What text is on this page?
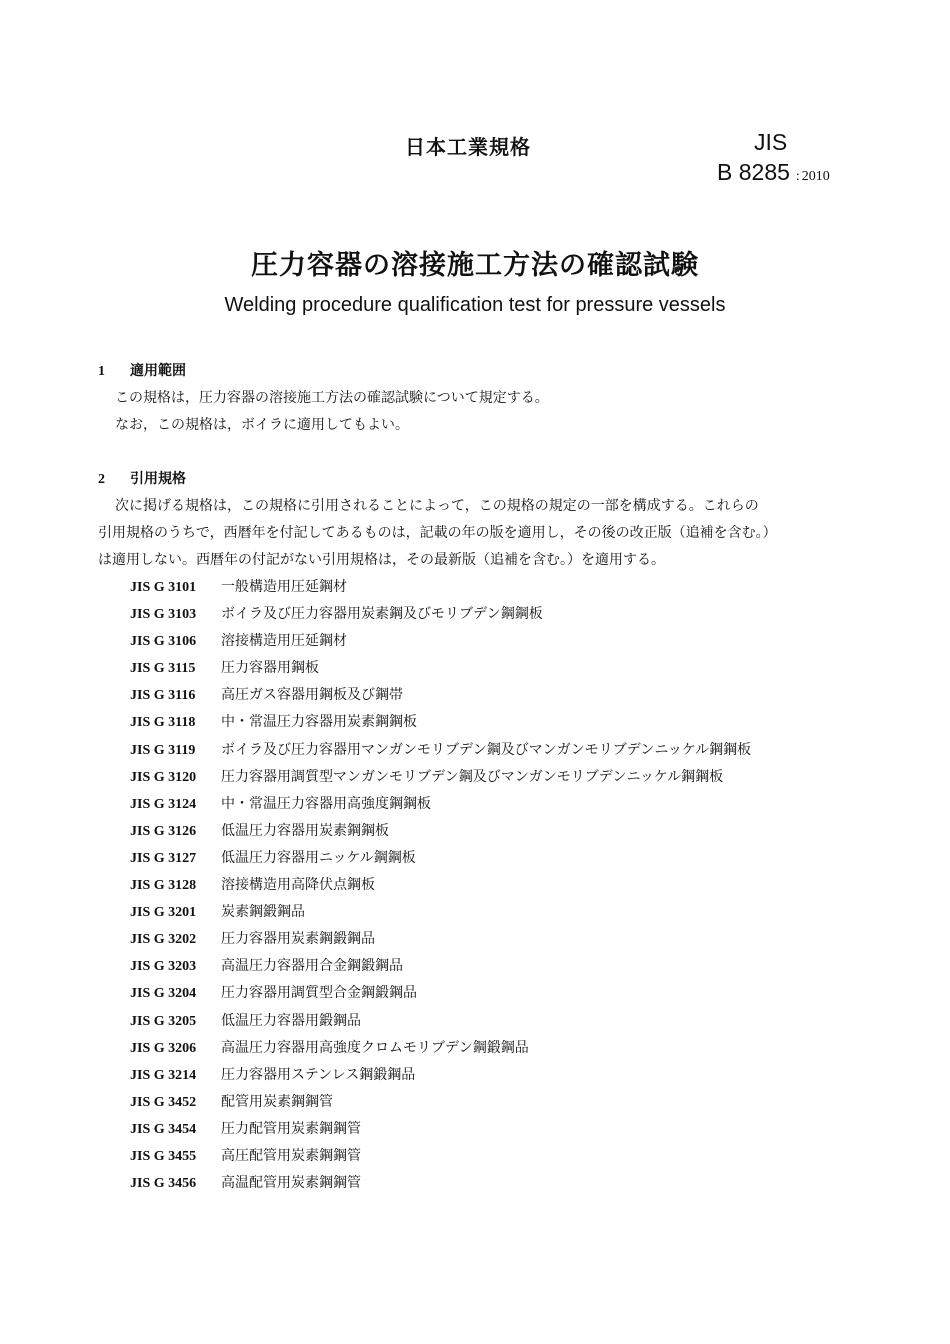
日本工業規格	JIS
B 8285 : 2010
圧力容器の溶接施工方法の確認試験
Welding procedure qualification test for pressure vessels
1 適用範囲
この規格は，圧力容器の溶接施工方法の確認試験について規定する。
なお，この規格は，ボイラに適用してもよい。
2 引用規格
次に掲げる規格は，この規格に引用されることによって，この規格の規定の一部を構成する。これらの
引用規格のうちで，西暦年を付記してあるものは，記載の年の版を適用し，その後の改正版（追補を含む。）
は適用しない。西暦年の付記がない引用規格は，その最新版（追補を含む。）を適用する。
JIS G 3101 一般構造用圧延鋼材
JIS G 3103 ボイラ及び圧力容器用炭素鋼及びモリブデン鋼鋼板
JIS G 3106 溶接構造用圧延鋼材
JIS G 3115 圧力容器用鋼板
JIS G 3116 高圧ガス容器用鋼板及び鋼帯
JIS G 3118 中・常温圧力容器用炭素鋼鋼板
JIS G 3119 ボイラ及び圧力容器用マンガンモリブデン鋼及びマンガンモリブデンニッケル鋼鋼板
JIS G 3120 圧力容器用調質型マンガンモリブデン鋼及びマンガンモリブデンニッケル鋼鋼板
JIS G 3124 中・常温圧力容器用高強度鋼鋼板
JIS G 3126 低温圧力容器用炭素鋼鋼板
JIS G 3127 低温圧力容器用ニッケル鋼鋼板
JIS G 3128 溶接構造用高降伏点鋼板
JIS G 3201 炭素鋼鍛鋼品
JIS G 3202 圧力容器用炭素鋼鍛鋼品
JIS G 3203 高温圧力容器用合金鋼鍛鋼品
JIS G 3204 圧力容器用調質型合金鋼鍛鋼品
JIS G 3205 低温圧力容器用鍛鋼品
JIS G 3206 高温圧力容器用高強度クロムモリブデン鋼鍛鋼品
JIS G 3214 圧力容器用ステンレス鋼鍛鋼品
JIS G 3452 配管用炭素鋼鋼管
JIS G 3454 圧力配管用炭素鋼鋼管
JIS G 3455 高圧配管用炭素鋼鋼管
JIS G 3456 高温配管用炭素鋼鋼管
